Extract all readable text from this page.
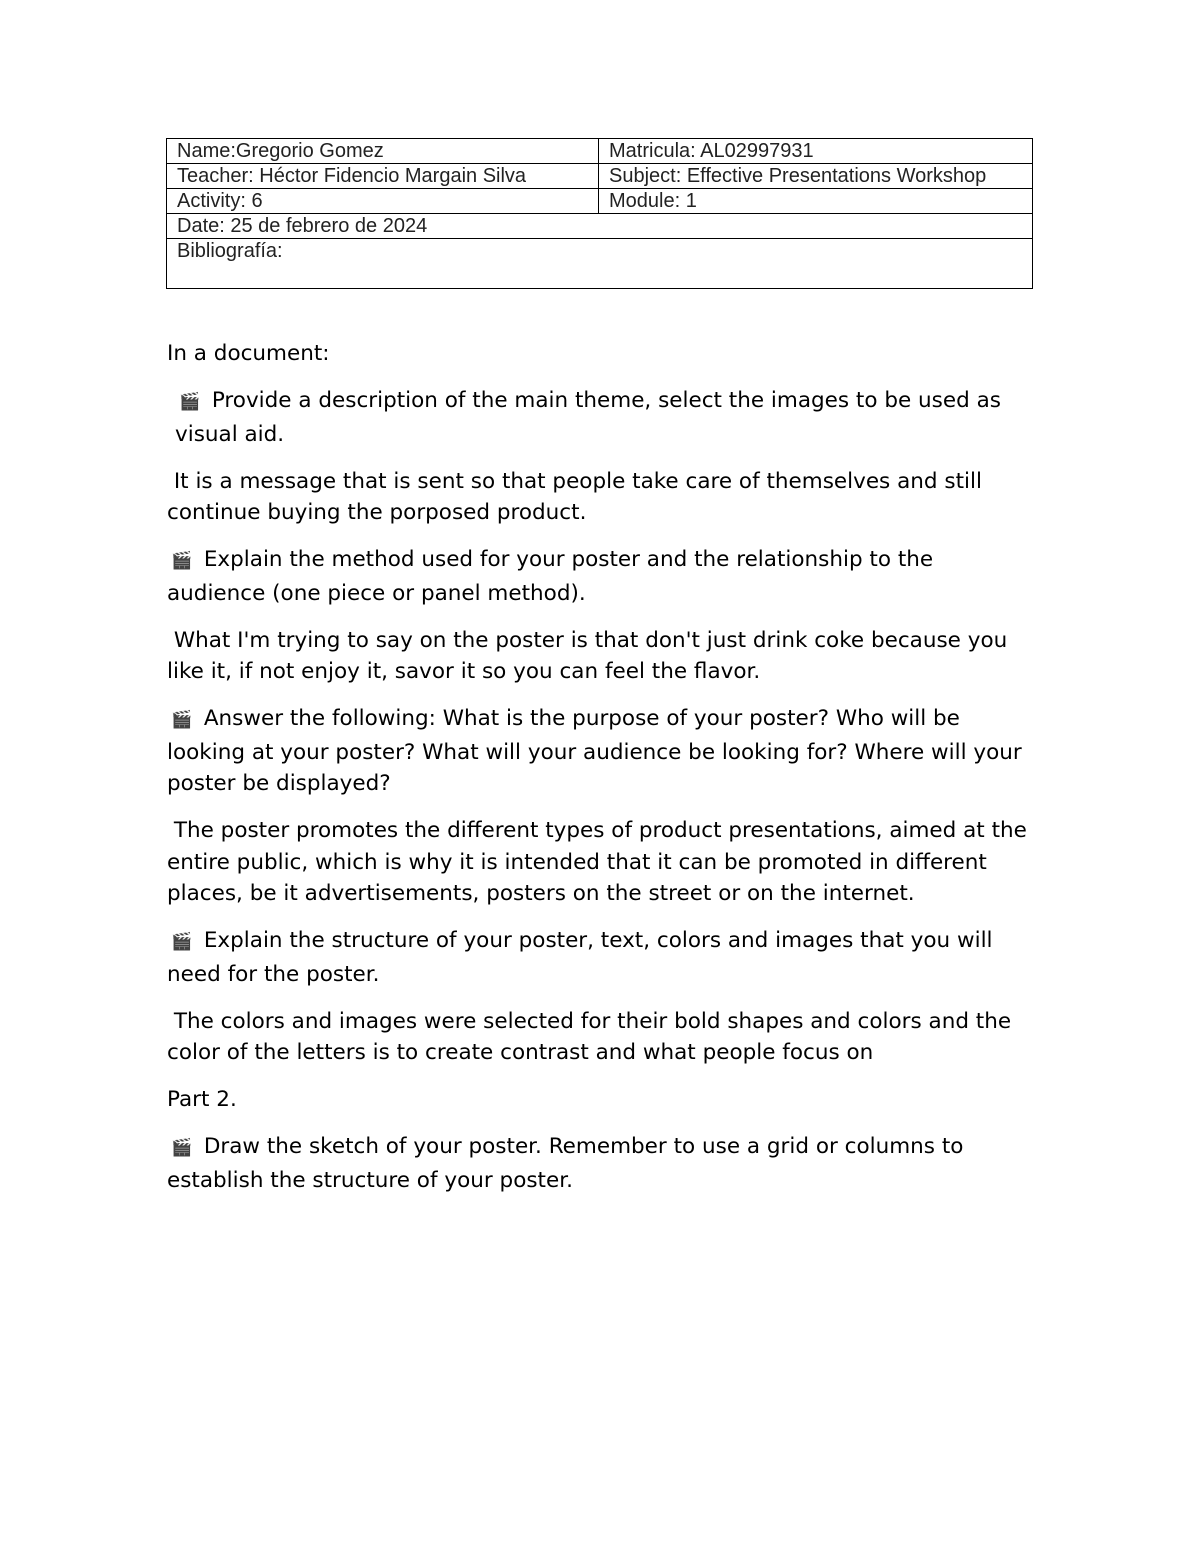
Name:Gregorio Gomez	Matricula: AL02997931
Teacher: Héctor Fidencio Margain Silva	Subject: Effective Presentations Workshop
Activity: 6	Module: 1
Date: 25 de febrero de 2024	
Bibliografía:	

In a document:

🎬 Provide a description of the main theme, select the images to be used as visual aid.

It is a message that is sent so that people take care of themselves and still continue buying the porposed product.

🎬 Explain the method used for your poster and the relationship to the audience (one piece or panel method).

What I'm trying to say on the poster is that don't just drink coke because you like it, if not enjoy it, savor it so you can feel the flavor.

🎬 Answer the following: What is the purpose of your poster? Who will be looking at your poster? What will your audience be looking for? Where will your poster be displayed?

The poster promotes the different types of product presentations, aimed at the entire public, which is why it is intended that it can be promoted in different places, be it advertisements, posters on the street or on the internet.

🎬 Explain the structure of your poster, text, colors and images that you will need for the poster.

The colors and images were selected for their bold shapes and colors and the color of the letters is to create contrast and what people focus on

Part 2.

🎬 Draw the sketch of your poster. Remember to use a grid or columns to establish the structure of your poster.
